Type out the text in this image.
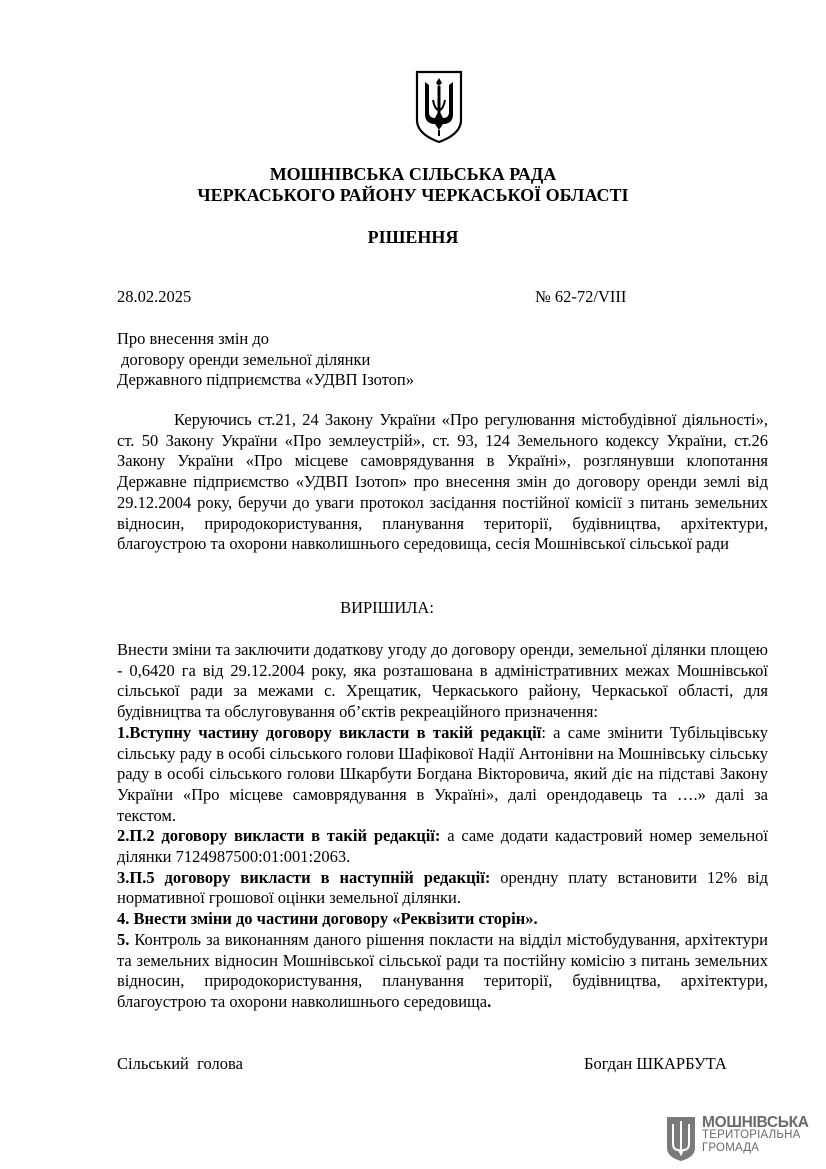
МОШНІВСЬКА СІЛЬСЬКА РАДА
ЧЕРКАСЬКОГО РАЙОНУ ЧЕРКАСЬКОЇ ОБЛАСТІ
РІШЕННЯ
28.02.2025	№ 62-72/VIII
Про внесення змін до
договору оренди земельної ділянки
Державного підприємства «УДВП Ізотоп»

Керуючись ст.21, 24 Закону України «Про регулювання містобудівної діяльності», ст. 50 Закону України «Про землеустрій», ст. 93, 124 Земельного кодексу України, ст.26 Закону України «Про місцеве самоврядування в Україні», розглянувши клопотання Державне підприємство «УДВП Ізотоп» про внесення змін до договору оренди землі від 29.12.2004 року, беручи до уваги протокол засідання постійної комісії з питань земельних відносин, природокористування, планування території, будівництва, архітектури, благоустрою та охорони навколишнього середовища, сесія Мошнівської сільської ради

ВИРІШИЛА:

Внести зміни та заключити додаткову угоду до договору оренди, земельної ділянки площею - 0,6420 га від 29.12.2004 року, яка розташована в адміністративних межах Мошнівської сільської ради за межами с. Хрещатик, Черкаського району, Черкаської області, для будівництва та обслуговування об’єктів рекреаційного призначення:

1.Вступну частину договору викласти в такій редакції: а саме змінити Тубільцівську сільську раду в особі сільського голови Шафікової Надії Антонівни на Мошнівську сільську раду в особі сільського голови Шкарбути Богдана Вікторовича, який діє на підставі Закону України «Про місцеве самоврядування в Україні», далі орендодавець та ….» далі за текстом.

2.П.2 договору викласти в такій редакції: а саме додати кадастровий номер земельної ділянки 7124987500:01:001:2063.

3.П.5 договору викласти в наступній редакції: орендну плату встановити 12% від нормативної грошової оцінки земельної ділянки.

4. Внести зміни до частини договору «Реквізити сторін».

5. Контроль за виконанням даного рішення покласти на відділ містобудування, архітектури та земельних відносин Мошнівської сільської ради та постійну комісію з питань земельних відносин, природокористування, планування території, будівництва, архітектури, благоустрою та охорони навколишнього середовища.

Сільський  голова	Богдан ШКАРБУТА
МОШНІВСЬКА
ТЕРИТОРІАЛЬНА
ГРОМАДА
